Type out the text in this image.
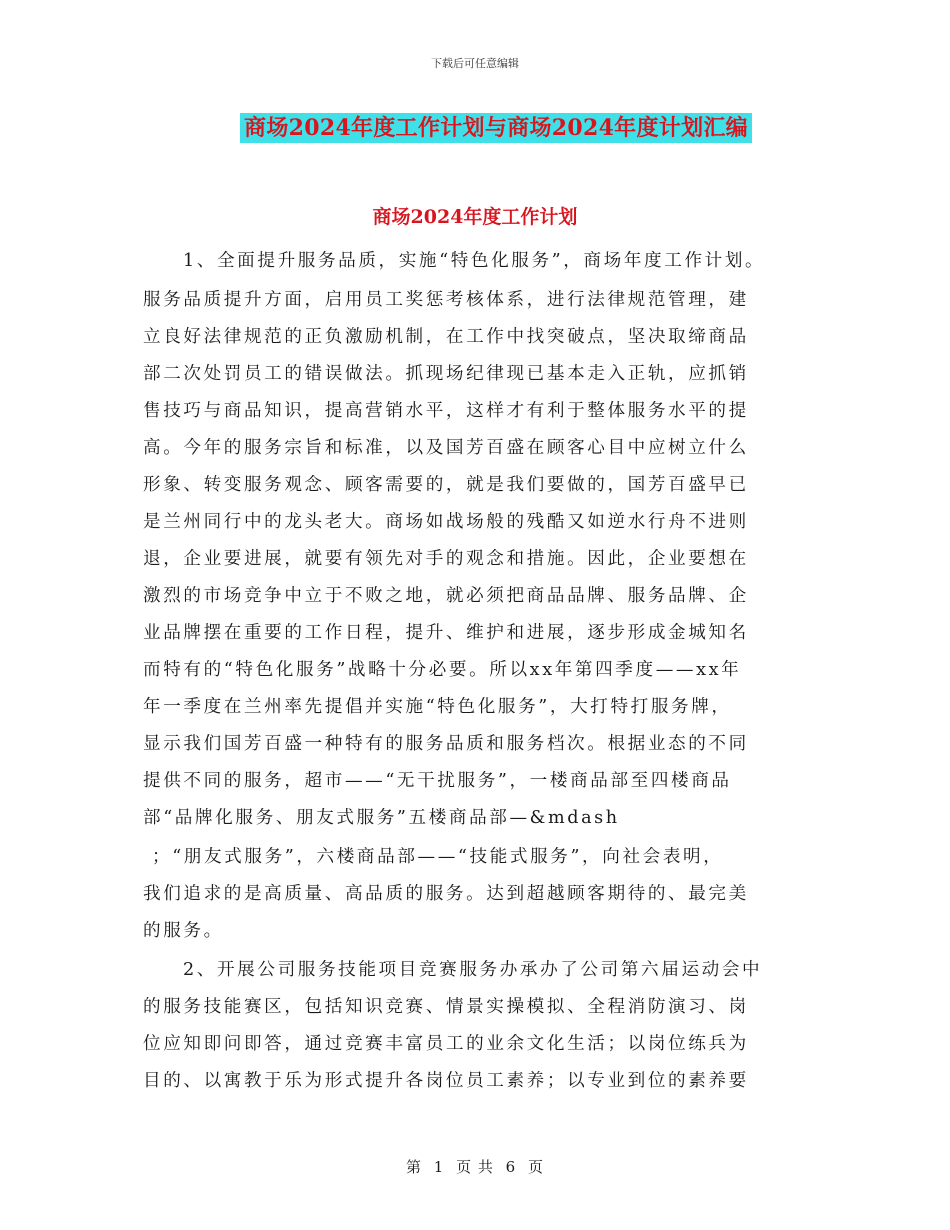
下载后可任意编辑
商场2024年度工作计划与商场2024年度计划汇编
商场2024年度工作计划
1、全面提升服务品质，实施“特色化服务”，商场年度工作计划。
服务品质提升方面，启用员工奖惩考核体系，进行法律规范管理，建
立良好法律规范的正负激励机制，在工作中找突破点，坚决取缔商品
部二次处罚员工的错误做法。抓现场纪律现已基本走入正轨，应抓销
售技巧与商品知识，提高营销水平，这样才有利于整体服务水平的提
高。今年的服务宗旨和标准，以及国芳百盛在顾客心目中应树立什么
形象、转变服务观念、顾客需要的，就是我们要做的，国芳百盛早已
是兰州同行中的龙头老大。商场如战场般的残酷又如逆水行舟不进则
退，企业要进展，就要有领先对手的观念和措施。因此，企业要想在
激烈的市场竞争中立于不败之地，就必须把商品品牌、服务品牌、企
业品牌摆在重要的工作日程，提升、维护和进展，逐步形成金城知名
而特有的“特色化服务”战略十分必要。所以xx年第四季度——xx年
年一季度在兰州率先提倡并实施“特色化服务”，大打特打服务牌，
显示我们国芳百盛一种特有的服务品质和服务档次。根据业态的不同
提供不同的服务，超市——“无干扰服务”，一楼商品部至四楼商品
部“品牌化服务、朋友式服务”五楼商品部—&mdash
；“朋友式服务”，六楼商品部——“技能式服务”，向社会表明，
我们追求的是高质量、高品质的服务。达到超越顾客期待的、最完美
的服务。
2、开展公司服务技能项目竞赛服务办承办了公司第六届运动会中
的服务技能赛区，包括知识竞赛、情景实操模拟、全程消防演习、岗
位应知即问即答，通过竞赛丰富员工的业余文化生活；以岗位练兵为
目的、以寓教于乐为形式提升各岗位员工素养；以专业到位的素养要
第 1 页 共 6 页
